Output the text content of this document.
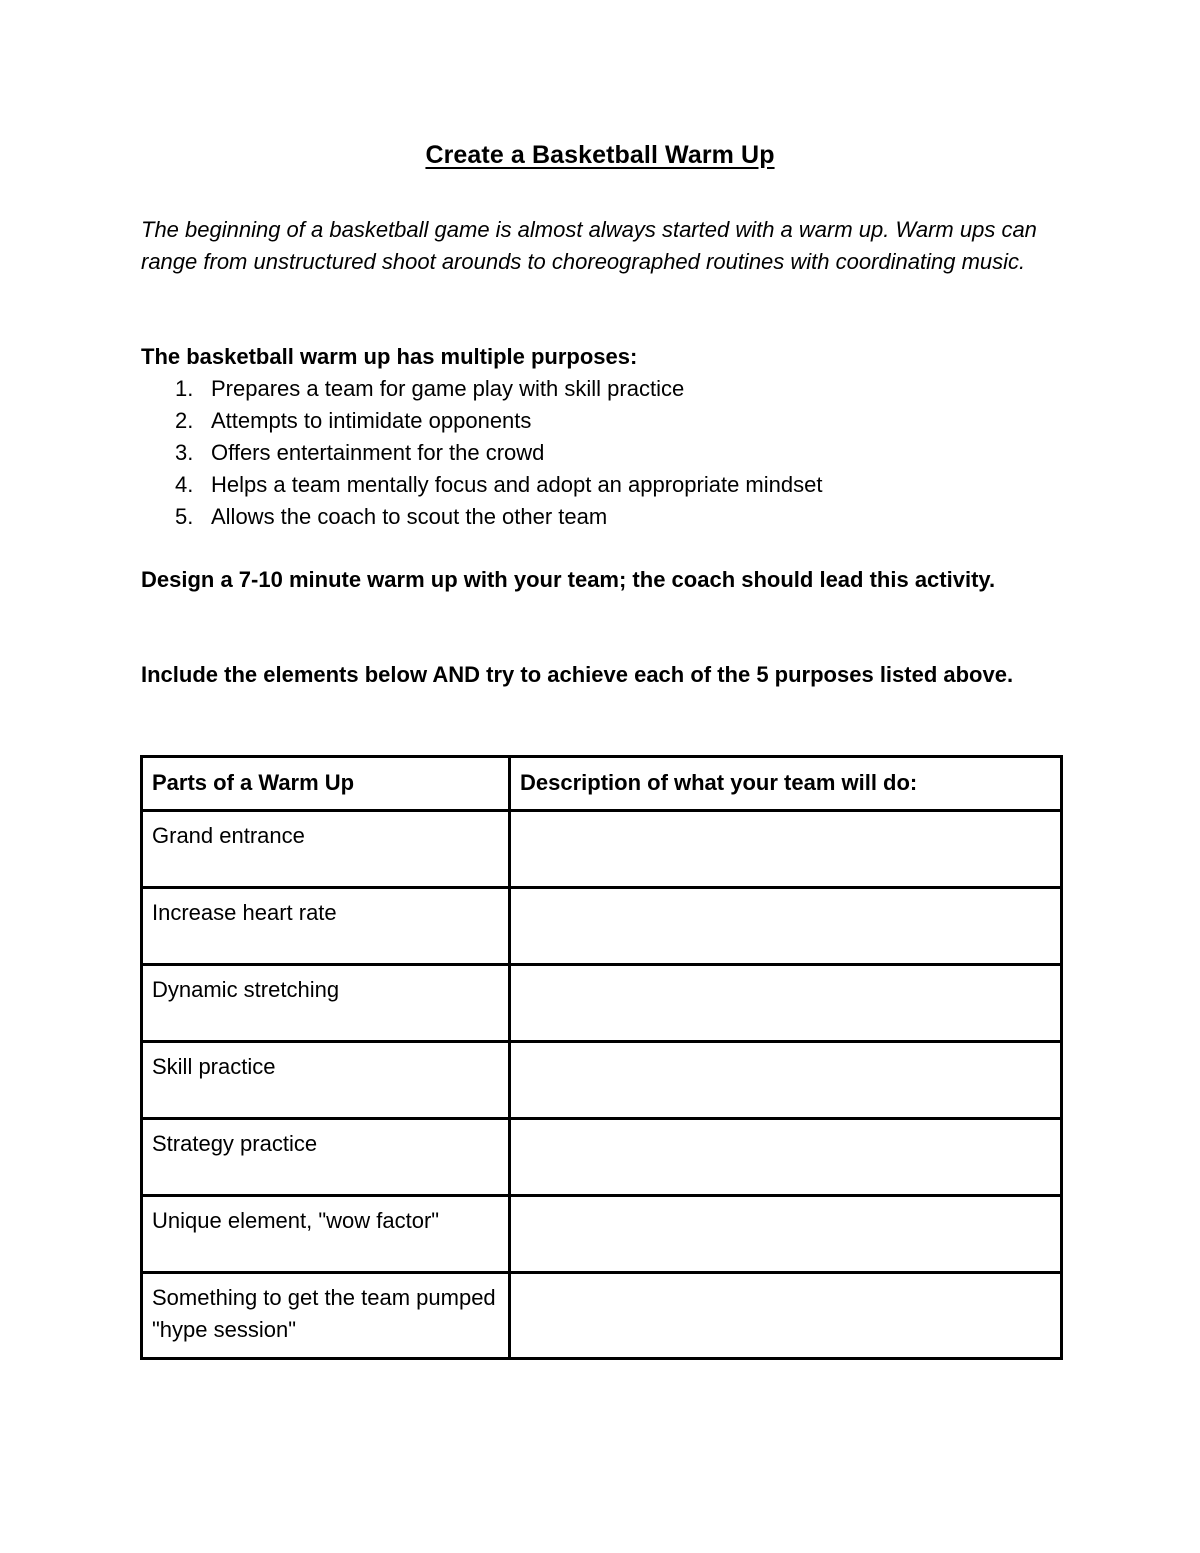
Create a Basketball Warm Up
The beginning of a basketball game is almost always started with a warm up. Warm ups can range from unstructured shoot arounds to choreographed routines with coordinating music.
The basketball warm up has multiple purposes:
1. Prepares a team for game play with skill practice
2. Attempts to intimidate opponents
3. Offers entertainment for the crowd
4. Helps a team mentally focus and adopt an appropriate mindset
5. Allows the coach to scout the other team
Design a 7-10 minute warm up with your team; the coach should lead this activity.
Include the elements below AND try to achieve each of the 5 purposes listed above.
Parts of a Warm Up	Description of what your team will do:
Grand entrance	
Increase heart rate	
Dynamic stretching	
Skill practice	
Strategy practice	
Unique element, "wow factor"	
Something to get the team pumped "hype session"	
